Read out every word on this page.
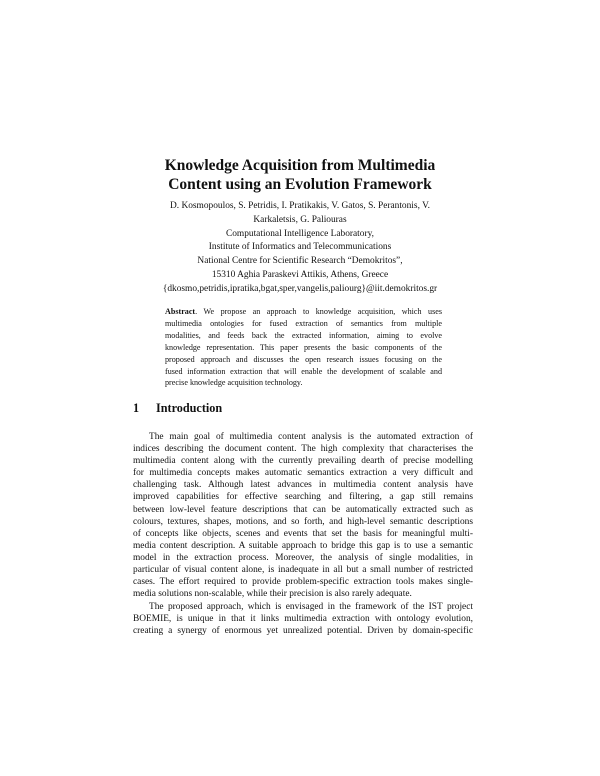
Knowledge Acquisition from Multimedia
Content using an Evolution Framework
D. Kosmopoulos, S. Petridis, I. Pratikakis, V. Gatos, S. Perantonis, V.
Karkaletsis, G. Paliouras
Computational Intelligence Laboratory,
Institute of Informatics and Telecommunications
National Centre for Scientific Research “Demokritos”,
15310 Aghia Paraskevi Attikis, Athens, Greece
{dkosmo,petridis,ipratika,bgat,sper,vangelis,paliourg}@iit.demokritos.gr
Abstract. We propose an approach to knowledge acquisition, which uses
multimedia ontologies for fused extraction of semantics from multiple
modalities, and feeds back the extracted information, aiming to evolve
knowledge representation. This paper presents the basic components of the
proposed approach and discusses the open research issues focusing on the
fused information extraction that will enable the development of scalable and
precise knowledge acquisition technology.
1 Introduction
The main goal of multimedia content analysis is the automated extraction of
indices describing the document content. The high complexity that characterises the
multimedia content along with the currently prevailing dearth of precise modelling
for multimedia concepts makes automatic semantics extraction a very difficult and
challenging task. Although latest advances in multimedia content analysis have
improved capabilities for effective searching and filtering, a gap still remains
between low-level feature descriptions that can be automatically extracted such as
colours, textures, shapes, motions, and so forth, and high-level semantic descriptions
of concepts like objects, scenes and events that set the basis for meaningful multi-
media content description. A suitable approach to bridge this gap is to use a semantic
model in the extraction process. Moreover, the analysis of single modalities, in
particular of visual content alone, is inadequate in all but a small number of restricted
cases. The effort required to provide problem-specific extraction tools makes single-
media solutions non-scalable, while their precision is also rarely adequate.
The proposed approach, which is envisaged in the framework of the IST project
BOEMIE, is unique in that it links multimedia extraction with ontology evolution,
creating a synergy of enormous yet unrealized potential. Driven by domain-specific
